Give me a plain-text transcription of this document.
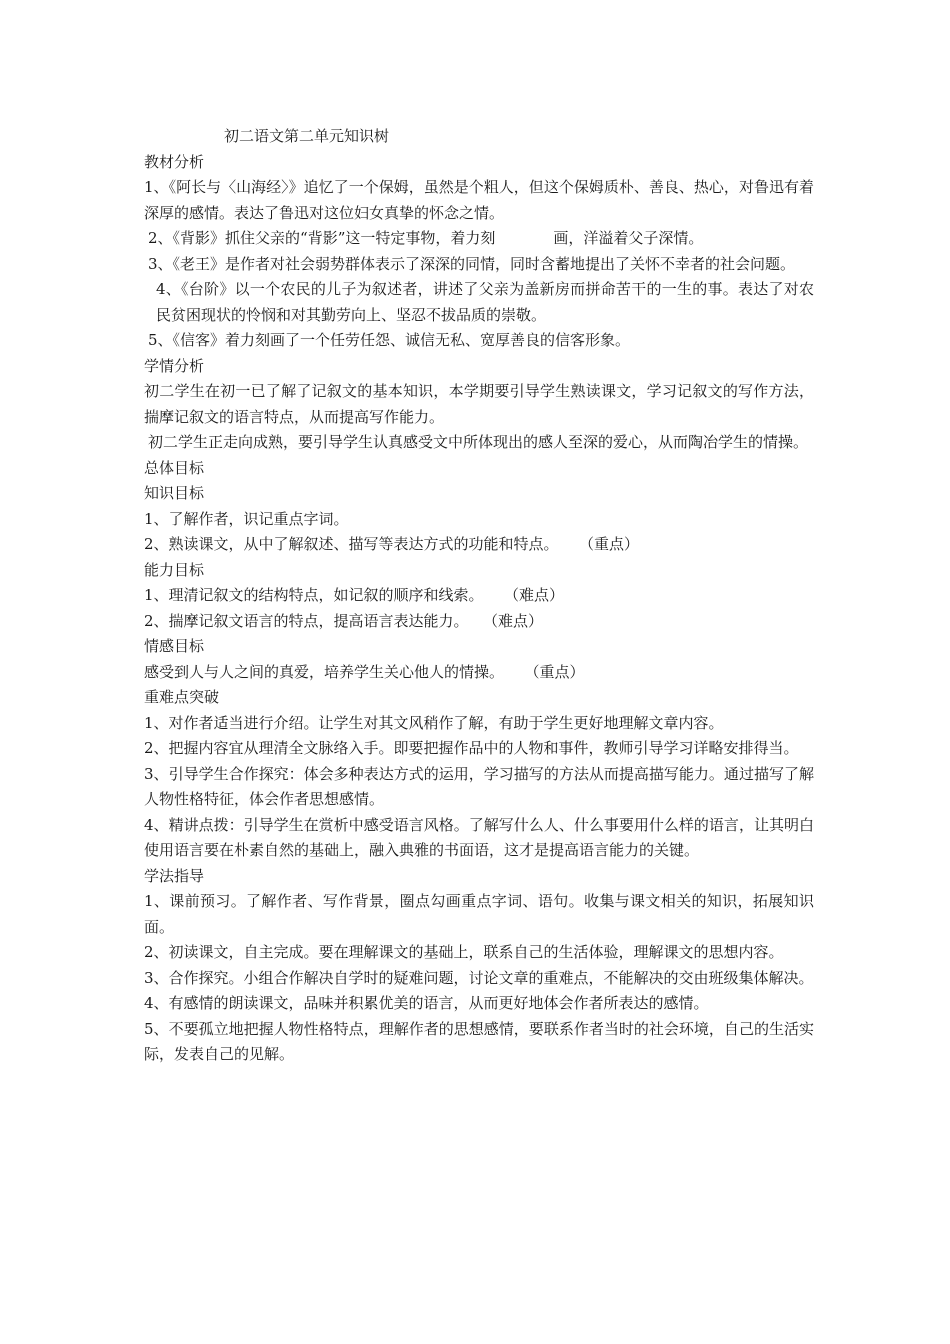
初二语文第二单元知识树

教材分析

1、《阿长与〈山海经〉》追忆了一个保姆，虽然是个粗人，但这个保姆质朴、善良、热心，对鲁迅有着深厚的感情。表达了鲁迅对这位妇女真挚的怀念之情。

2、《背影》抓住父亲的“背影”这一特定事物，着力刻	画，洋溢着父子深情。

3、《老王》是作者对社会弱势群体表示了深深的同情，同时含蓄地提出了关怀不幸者的社会问题。

4、《台阶》以一个农民的儿子为叙述者，讲述了父亲为盖新房而拼命苦干的一生的事。表达了对农民贫困现状的怜悯和对其勤劳向上、坚忍不拔品质的崇敬。

5、《信客》着力刻画了一个任劳任怨、诚信无私、宽厚善良的信客形象。

学情分析

初二学生在初一已了解了记叙文的基本知识，本学期要引导学生熟读课文，学习记叙文的写作方法，揣摩记叙文的语言特点，从而提高写作能力。

初二学生正走向成熟，要引导学生认真感受文中所体现出的感人至深的爱心，从而陶冶学生的情操。

总体目标

知识目标

1、了解作者，识记重点字词。

2、熟读课文，从中了解叙述、描写等表达方式的功能和特点。 （重点）

能力目标

1、理清记叙文的结构特点，如记叙的顺序和线索。 （难点）

2、揣摩记叙文语言的特点，提高语言表达能力。 （难点）

情感目标

感受到人与人之间的真爱，培养学生关心他人的情操。 （重点）

重难点突破

1、对作者适当进行介绍。让学生对其文风稍作了解，有助于学生更好地理解文章内容。

2、把握内容宜从理清全文脉络入手。即要把握作品中的人物和事件，教师引导学习详略安排得当。

3、引导学生合作探究：体会多种表达方式的运用，学习描写的方法从而提高描写能力。通过描写了解人物性格特征，体会作者思想感情。

4、精讲点拨：引导学生在赏析中感受语言风格。了解写什么人、什么事要用什么样的语言，让其明白使用语言要在朴素自然的基础上，融入典雅的书面语，这才是提高语言能力的关键。

学法指导

1、课前预习。了解作者、写作背景，圈点勾画重点字词、语句。收集与课文相关的知识，拓展知识面。

2、初读课文，自主完成。要在理解课文的基础上，联系自己的生活体验，理解课文的思想内容。

3、合作探究。小组合作解决自学时的疑难问题，讨论文章的重难点，不能解决的交由班级集体解决。

4、有感情的朗读课文，品味并积累优美的语言，从而更好地体会作者所表达的感情。

5、不要孤立地把握人物性格特点，理解作者的思想感情，要联系作者当时的社会环境，自己的生活实际，发表自己的见解。
